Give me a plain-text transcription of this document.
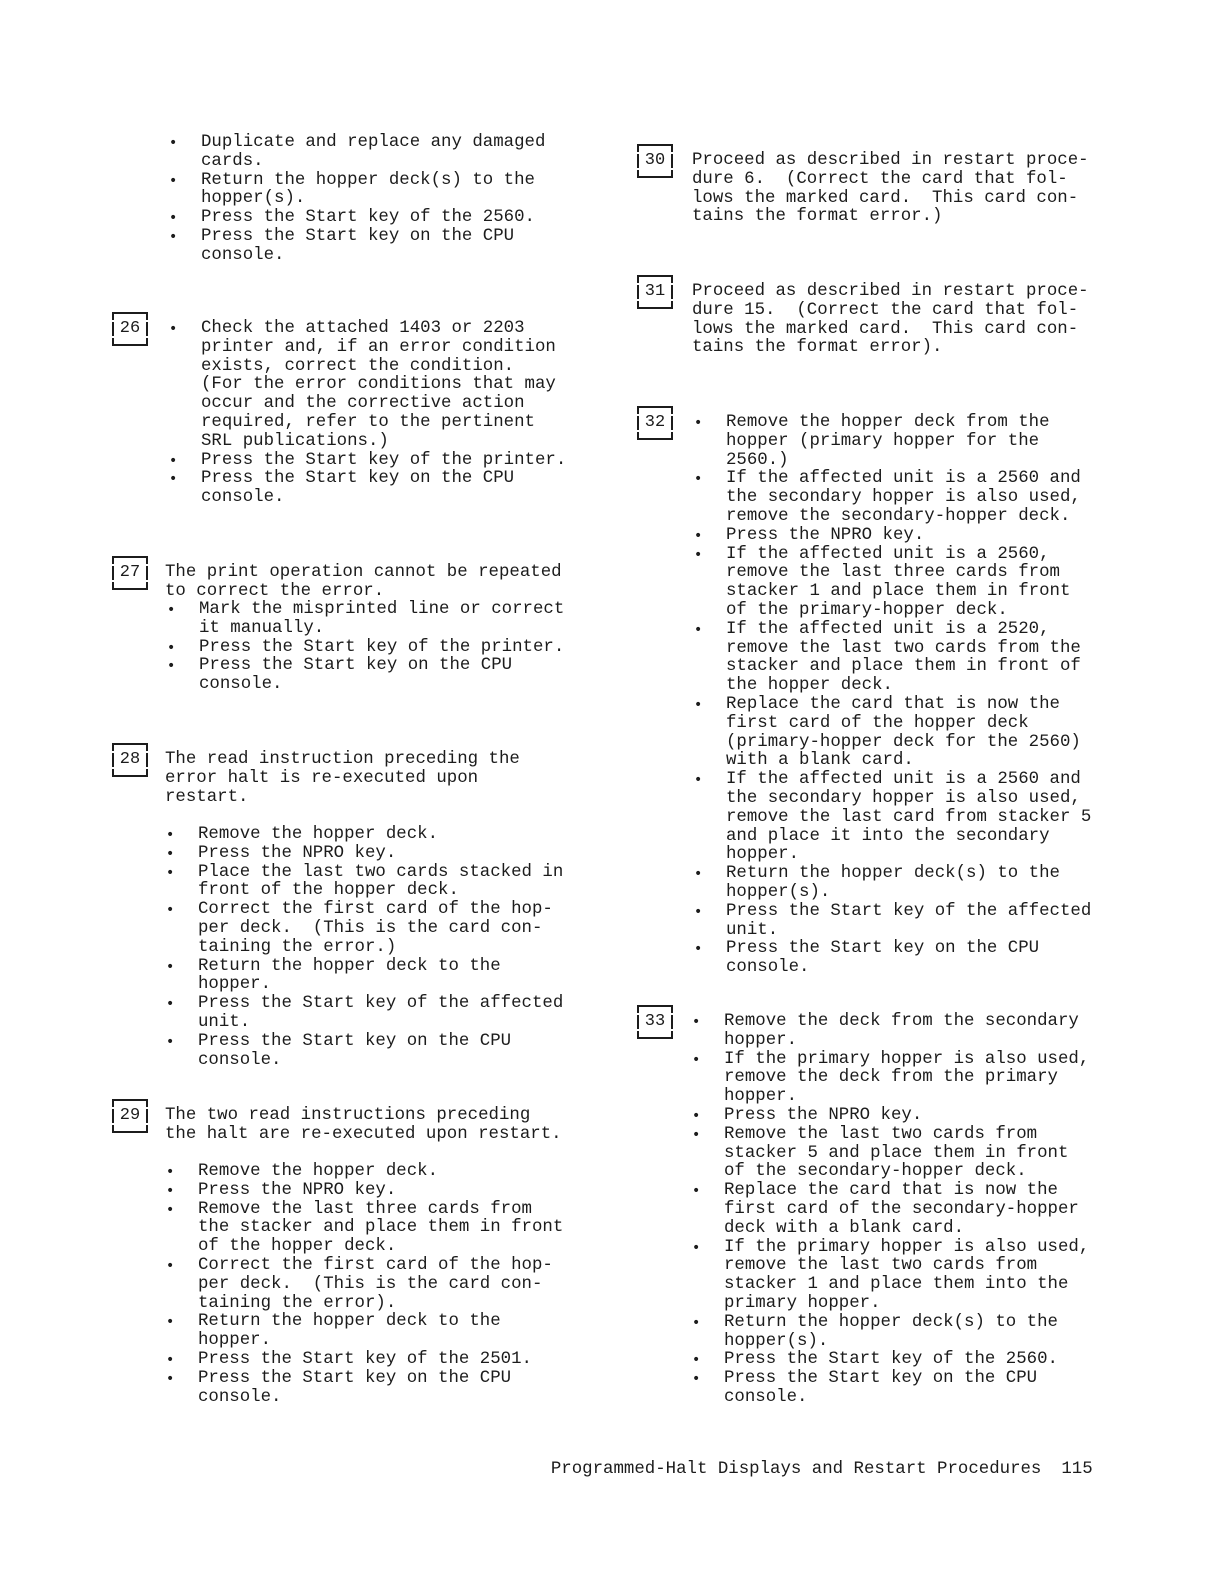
• Duplicate and replace any damaged
cards.
• Return the hopper deck(s) to the
hopper(s).
• Press the Start key of the 2560.
• Press the Start key on the CPU
console.
26	• Check the attached 1403 or 2203
printer and, if an error condition
exists, correct the condition.
(For the error conditions that may
occur and the corrective action
required, refer to the pertinent
SRL publications.)
• Press the Start key of the printer.
• Press the Start key on the CPU
console.
27	The print operation cannot be repeated
to correct the error.
• Mark the misprinted line or correct
it manually.
• Press the Start key of the printer.
• Press the Start key on the CPU
console.
28	The read instruction preceding the
error halt is re-executed upon
restart.
• Remove the hopper deck.
• Press the NPRO key.
• Place the last two cards stacked in
front of the hopper deck.
• Correct the first card of the hop-
per deck.  (This is the card con-
taining the error.)
• Return the hopper deck to the
hopper.
• Press the Start key of the affected
unit.
• Press the Start key on the CPU
console.
29	The two read instructions preceding
the halt are re-executed upon restart.
• Remove the hopper deck.
• Press the NPRO key.
• Remove the last three cards from
the stacker and place them in front
of the hopper deck.
• Correct the first card of the hop-
per deck.  (This is the card con-
taining the error).
• Return the hopper deck to the
hopper.
• Press the Start key of the 2501.
• Press the Start key on the CPU
console.
30	Proceed as described in restart proce-
dure 6.  (Correct the card that fol-
lows the marked card.  This card con-
tains the format error.)
31	Proceed as described in restart proce-
dure 15.  (Correct the card that fol-
lows the marked card.  This card con-
tains the format error).
32	• Remove the hopper deck from the
hopper (primary hopper for the
2560.)
• If the affected unit is a 2560 and
the secondary hopper is also used,
remove the secondary-hopper deck.
• Press the NPRO key.
• If the affected unit is a 2560,
remove the last three cards from
stacker 1 and place them in front
of the primary-hopper deck.
• If the affected unit is a 2520,
remove the last two cards from the
stacker and place them in front of
the hopper deck.
• Replace the card that is now the
first card of the hopper deck
(primary-hopper deck for the 2560)
with a blank card.
• If the affected unit is a 2560 and
the secondary hopper is also used,
remove the last card from stacker 5
and place it into the secondary
hopper.
• Return the hopper deck(s) to the
hopper(s).
• Press the Start key of the affected
unit.
• Press the Start key on the CPU
console.
33	• Remove the deck from the secondary
hopper.
• If the primary hopper is also used,
remove the deck from the primary
hopper.
• Press the NPRO key.
• Remove the last two cards from
stacker 5 and place them in front
of the secondary-hopper deck.
• Replace the card that is now the
first card of the secondary-hopper
deck with a blank card.
• If the primary hopper is also used,
remove the last two cards from
stacker 1 and place them into the
primary hopper.
• Return the hopper deck(s) to the
hopper(s).
• Press the Start key of the 2560.
• Press the Start key on the CPU
console.

Programmed-Halt Displays and Restart Procedures 115
